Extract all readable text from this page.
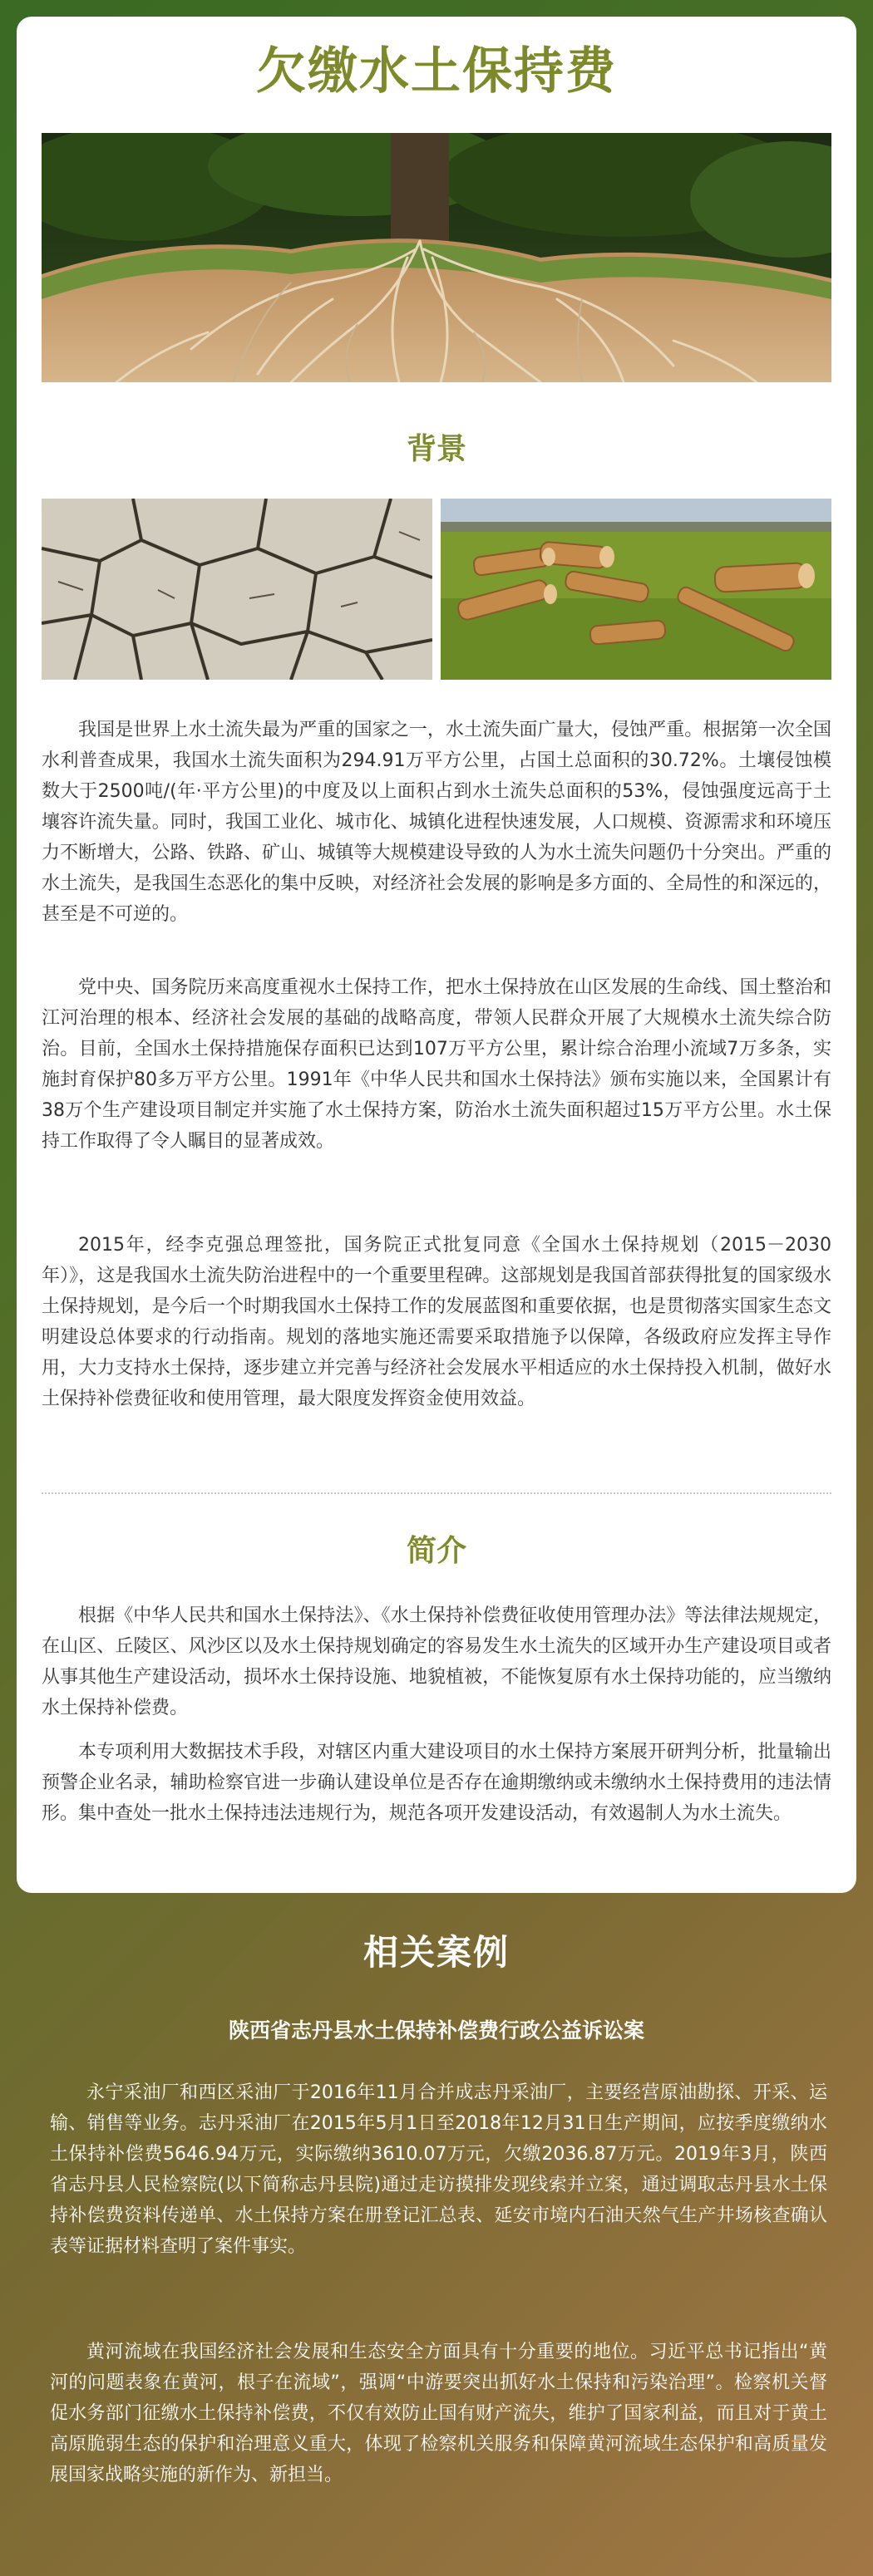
欠缴水土保持费
背景

我国是世界上水土流失最为严重的国家之一，水土流失面广量大，侵蚀严重。根据第一次全国水利普查成果，我国水土流失面积为294.91万平方公里，占国土总面积的30.72%。土壤侵蚀模数大于2500吨/(年·平方公里)的中度及以上面积占到水土流失总面积的53%，侵蚀强度远高于土壤容许流失量。同时，我国工业化、城市化、城镇化进程快速发展，人口规模、资源需求和环境压力不断增大，公路、铁路、矿山、城镇等大规模建设导致的人为水土流失问题仍十分突出。严重的水土流失，是我国生态恶化的集中反映，对经济社会发展的影响是多方面的、全局性的和深远的，甚至是不可逆的。

党中央、国务院历来高度重视水土保持工作，把水土保持放在山区发展的生命线、国土整治和江河治理的根本、经济社会发展的基础的战略高度，带领人民群众开展了大规模水土流失综合防治。目前，全国水土保持措施保存面积已达到107万平方公里，累计综合治理小流域7万多条，实施封育保护80多万平方公里。1991年《中华人民共和国水土保持法》颁布实施以来，全国累计有38万个生产建设项目制定并实施了水土保持方案，防治水土流失面积超过15万平方公里。水土保持工作取得了令人瞩目的显著成效。

2015年，经李克强总理签批，国务院正式批复同意《全国水土保持规划（2015－2030年）》，这是我国水土流失防治进程中的一个重要里程碑。这部规划是我国首部获得批复的国家级水土保持规划，是今后一个时期我国水土保持工作的发展蓝图和重要依据，也是贯彻落实国家生态文明建设总体要求的行动指南。规划的落地实施还需要采取措施予以保障，各级政府应发挥主导作用，大力支持水土保持，逐步建立并完善与经济社会发展水平相适应的水土保持投入机制，做好水土保持补偿费征收和使用管理，最大限度发挥资金使用效益。

简介

根据《中华人民共和国水土保持法》、《水土保持补偿费征收使用管理办法》等法律法规规定，在山区、丘陵区、风沙区以及水土保持规划确定的容易发生水土流失的区域开办生产建设项目或者从事其他生产建设活动，损坏水土保持设施、地貌植被，不能恢复原有水土保持功能的，应当缴纳水土保持补偿费。

本专项利用大数据技术手段，对辖区内重大建设项目的水土保持方案展开研判分析，批量输出预警企业名录，辅助检察官进一步确认建设单位是否存在逾期缴纳或未缴纳水土保持费用的违法情形。集中查处一批水土保持违法违规行为，规范各项开发建设活动，有效遏制人为水土流失。

相关案例
陕西省志丹县水土保持补偿费行政公益诉讼案

永宁采油厂和西区采油厂于2016年11月合并成志丹采油厂，主要经营原油勘探、开采、运输、销售等业务。志丹采油厂在2015年5月1日至2018年12月31日生产期间，应按季度缴纳水土保持补偿费5646.94万元，实际缴纳3610.07万元，欠缴2036.87万元。2019年3月，陕西省志丹县人民检察院(以下简称志丹县院)通过走访摸排发现线索并立案，通过调取志丹县水土保持补偿费资料传递单、水土保持方案在册登记汇总表、延安市境内石油天然气生产井场核查确认表等证据材料查明了案件事实。

黄河流域在我国经济社会发展和生态安全方面具有十分重要的地位。习近平总书记指出“黄河的问题表象在黄河，根子在流域”，强调“中游要突出抓好水土保持和污染治理”。检察机关督促水务部门征缴水土保持补偿费，不仅有效防止国有财产流失，维护了国家利益，而且对于黄土高原脆弱生态的保护和治理意义重大，体现了检察机关服务和保障黄河流域生态保护和高质量发展国家战略实施的新作为、新担当。
